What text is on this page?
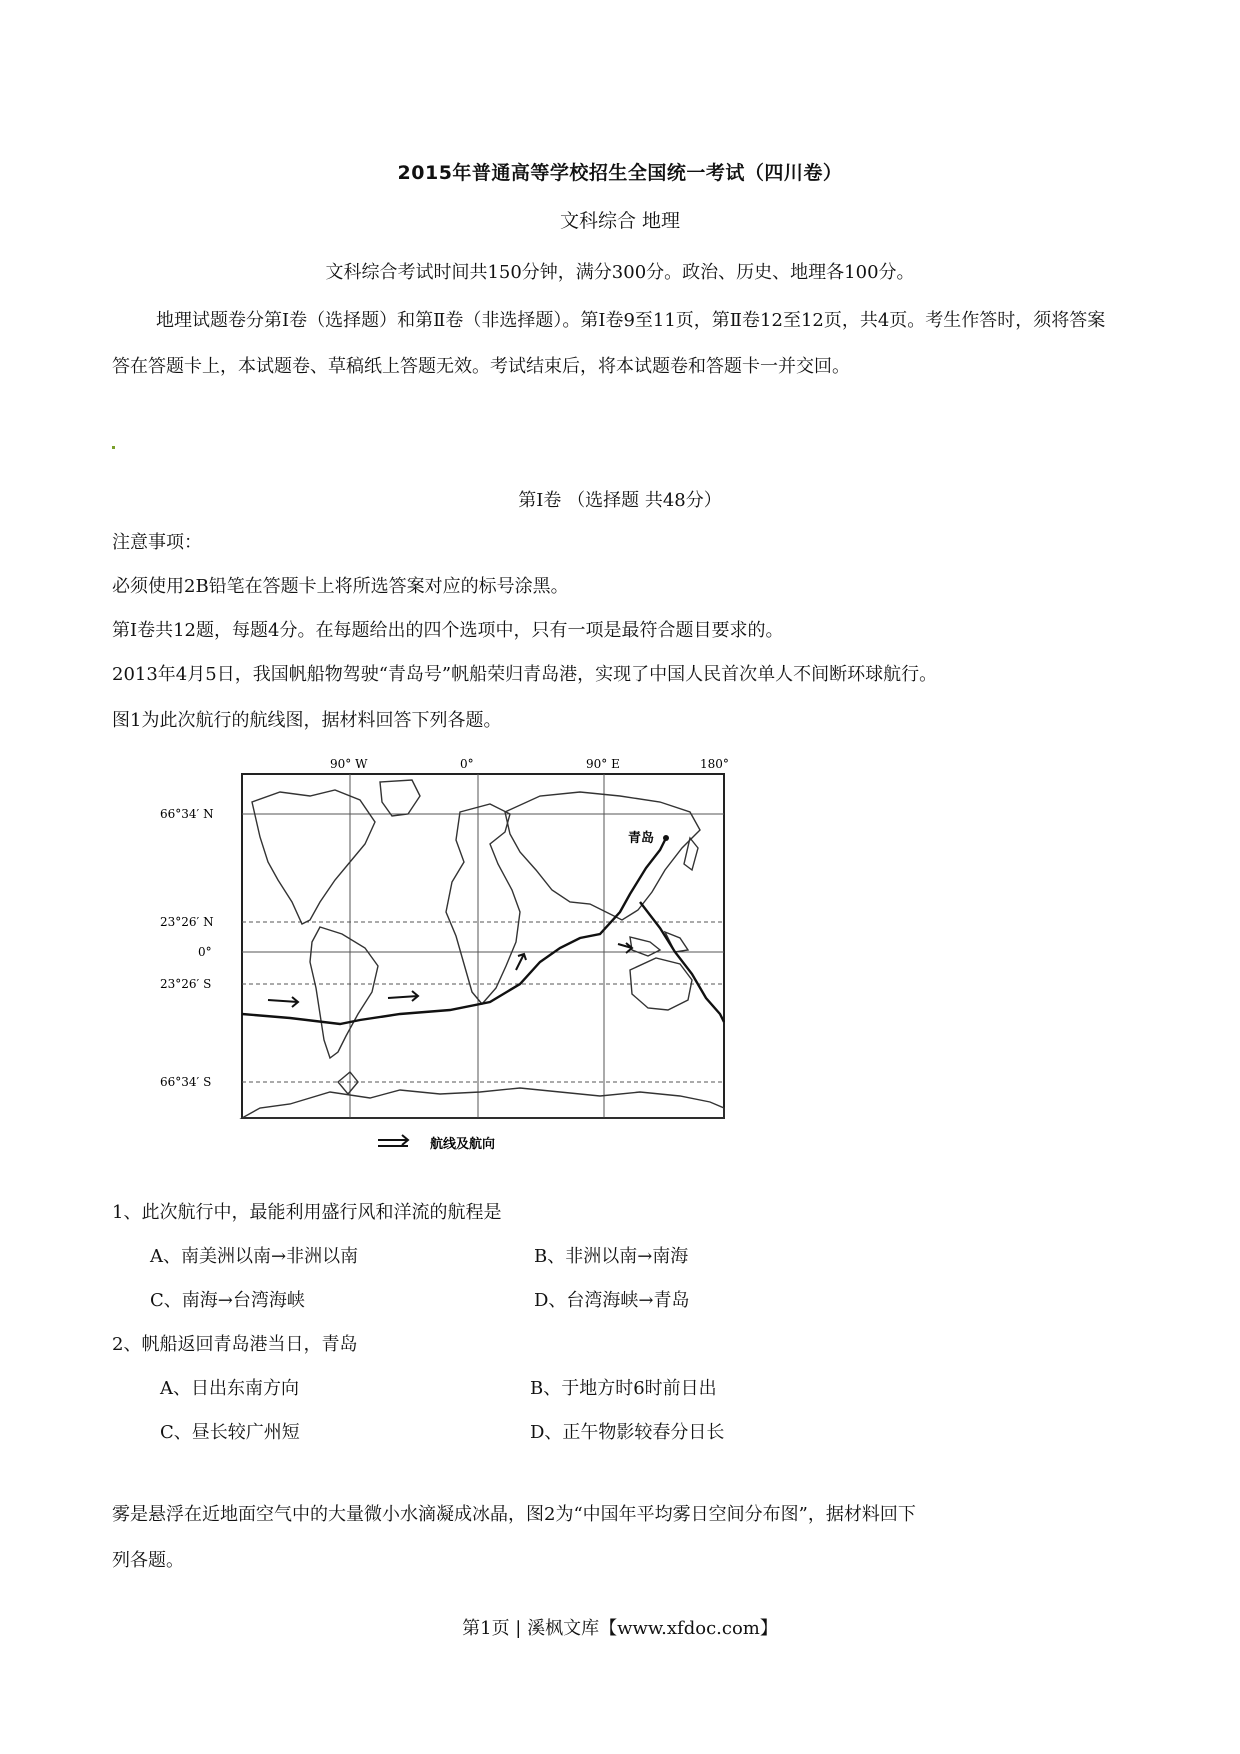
2015年普通高等学校招生全国统一考试（四川卷）
文科综合 地理
文科综合考试时间共150分钟，满分300分。政治、历史、地理各100分。
地理试题卷分第Ⅰ卷（选择题）和第Ⅱ卷（非选择题）。第Ⅰ卷9至11页，第Ⅱ卷12至12页，共4页。考生作答时，须将答案答在答题卡上，本试题卷、草稿纸上答题无效。考试结束后，将本试题卷和答题卡一并交回。
第Ⅰ卷 （选择题 共48分）
注意事项：
必须使用2B铅笔在答题卡上将所选答案对应的标号涂黑。
第Ⅰ卷共12题，每题4分。在每题给出的四个选项中，只有一项是最符合题目要求的。
2013年4月5日，我国帆船物驾驶“青岛号”帆船荣归青岛港，实现了中国人民首次单人不间断环球航行。
图1为此次航行的航线图，据材料回答下列各题。
90° W	0°	90° E	180°
66°34′ N
23°26′ N
0°
23°26′ S
66°34′ S
青岛
航线及航向
1、此次航行中，最能利用盛行风和洋流的航程是
A、南美洲以南→非洲以南	B、非洲以南→南海
C、南海→台湾海峡	D、台湾海峡→青岛
2、帆船返回青岛港当日，青岛
A、日出东南方向	B、于地方时6时前日出
C、昼长较广州短	D、正午物影较春分日长
雾是悬浮在近地面空气中的大量微小水滴凝成冰晶，图2为“中国年平均雾日空间分布图”，据材料回下
列各题。
第1页 | 溪枫文库【www.xfdoc.com】
